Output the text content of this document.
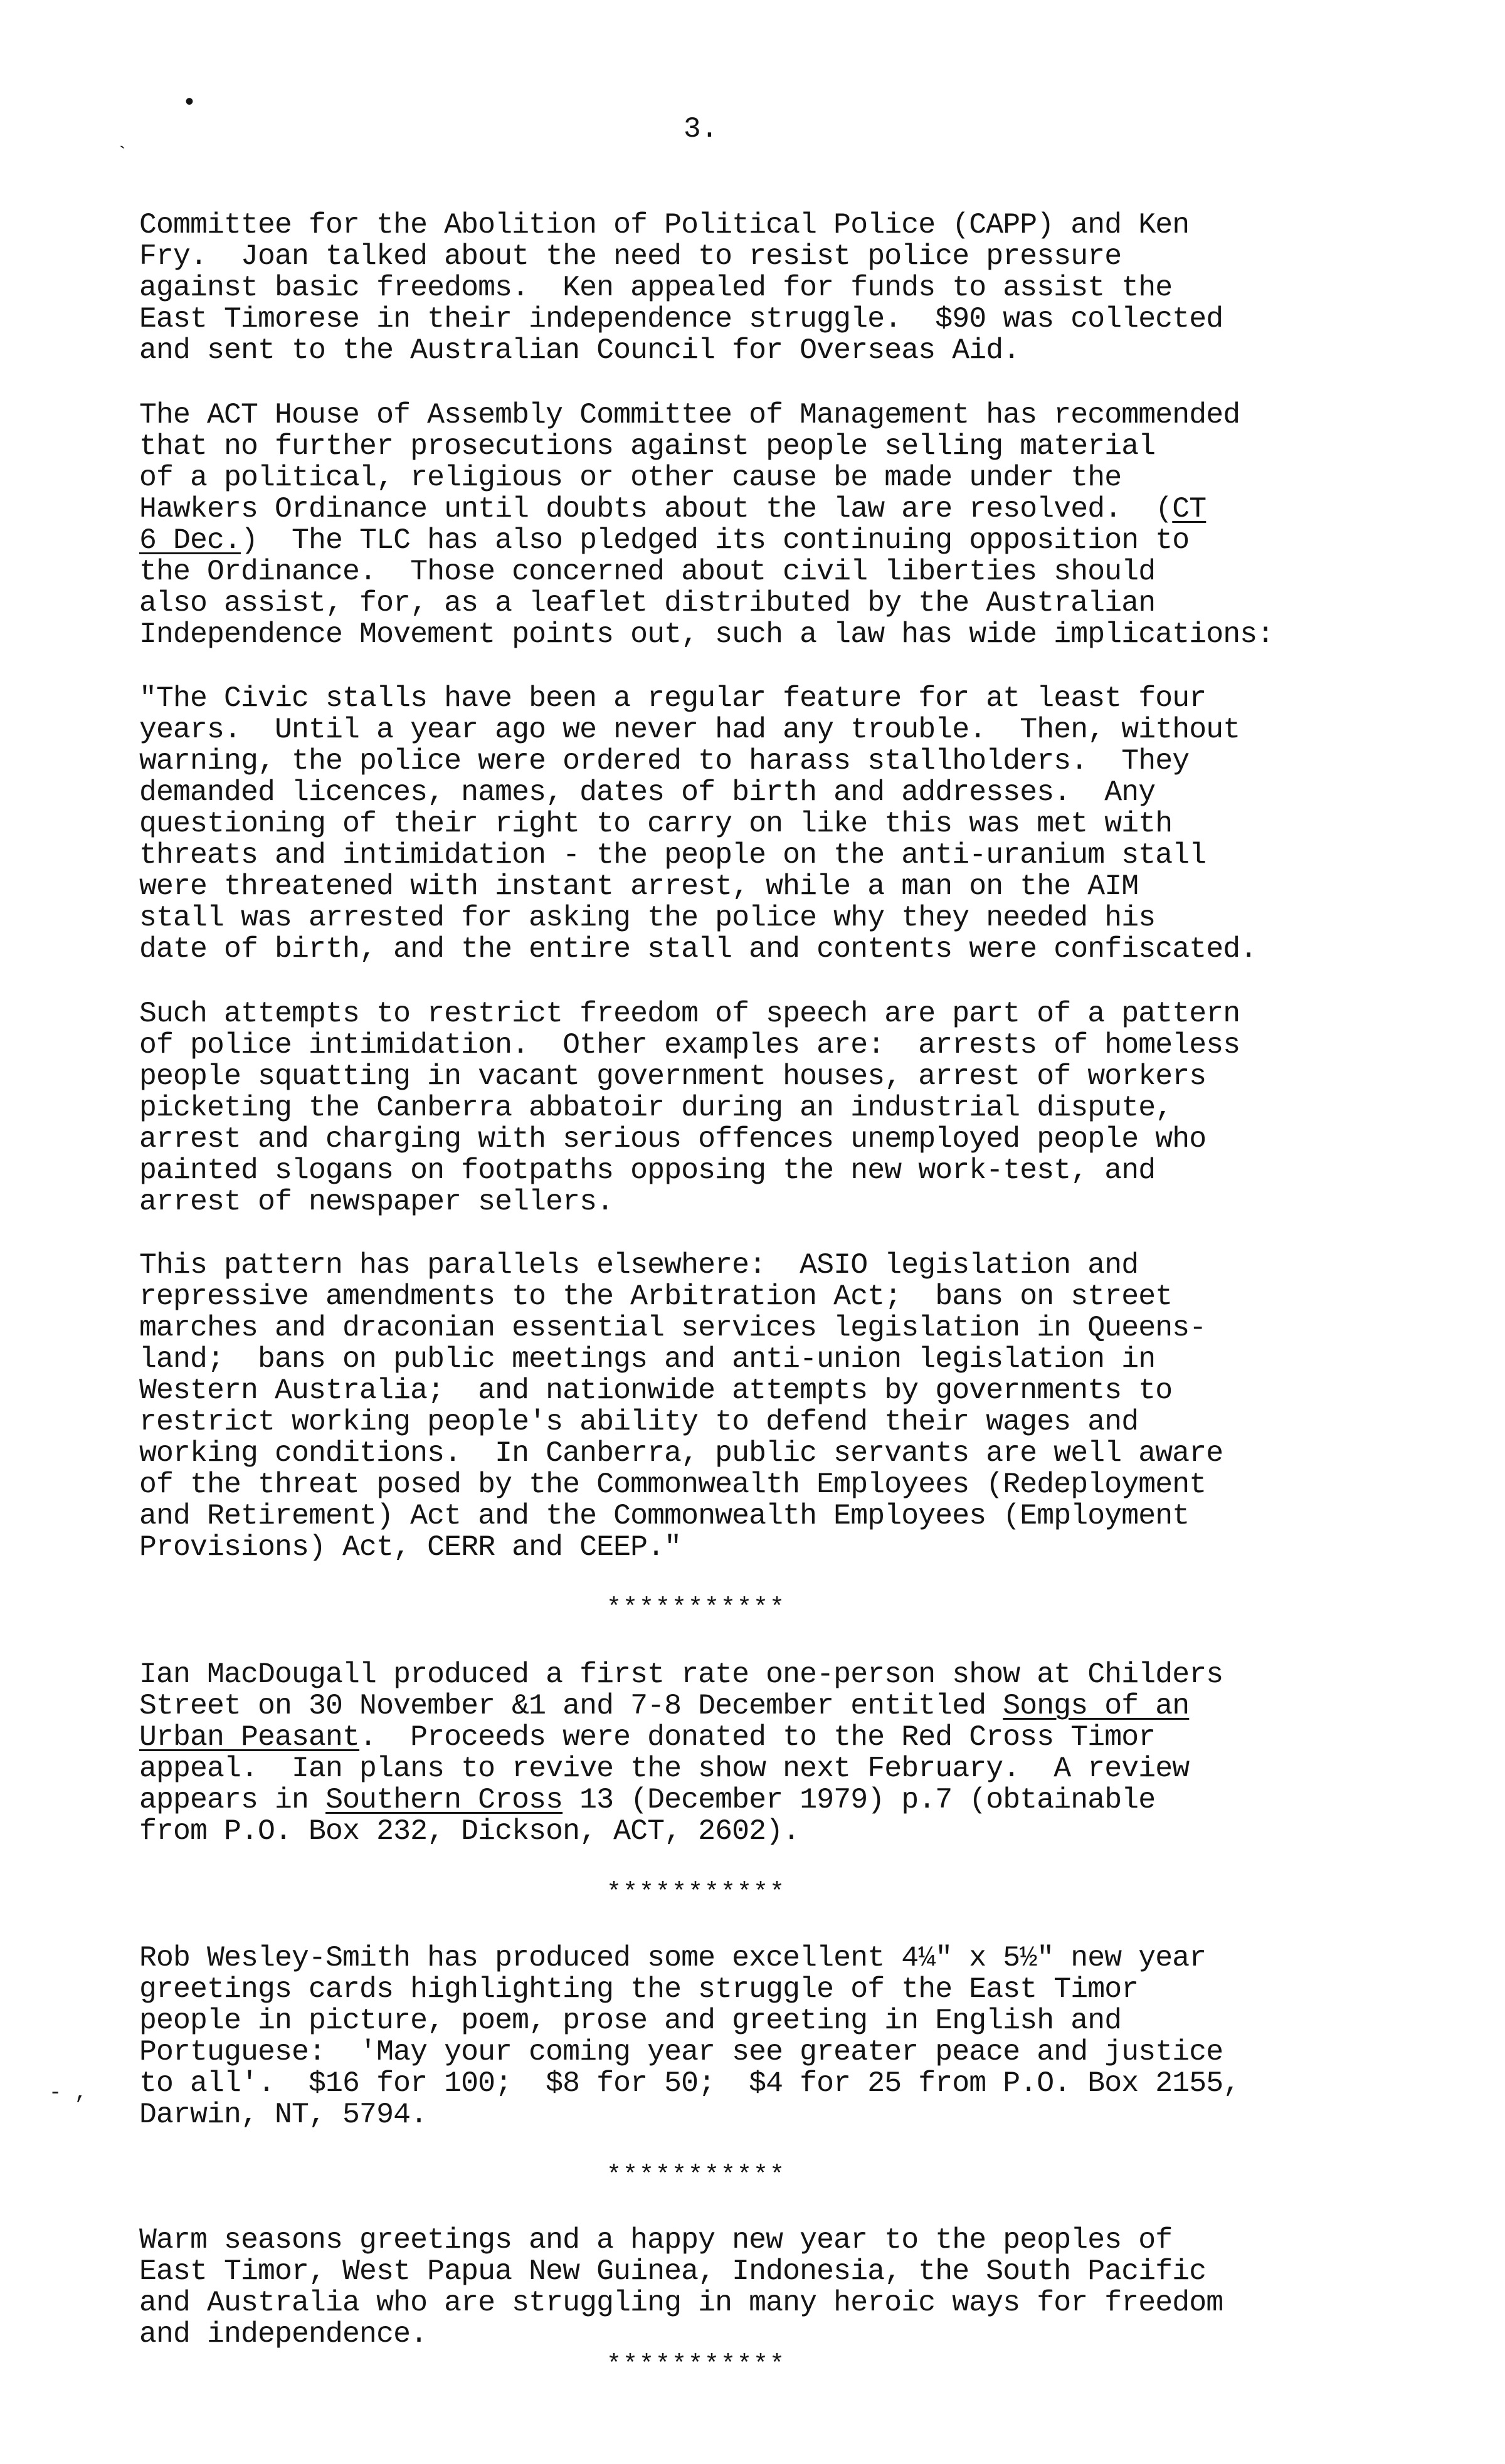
•
`
- ,
3.

Committee for the Abolition of Political Police (CAPP) and Ken
Fry.  Joan talked about the need to resist police pressure
against basic freedoms.  Ken appealed for funds to assist the
East Timorese in their independence struggle.  $90 was collected
and sent to the Australian Council for Overseas Aid.

The ACT House of Assembly Committee of Management has recommended
that no further prosecutions against people selling material
of a political, religious or other cause be made under the
Hawkers Ordinance until doubts about the law are resolved.  (CT
6 Dec.)  The TLC has also pledged its continuing opposition to
the Ordinance.  Those concerned about civil liberties should
also assist, for, as a leaflet distributed by the Australian
Independence Movement points out, such a law has wide implications:

"The Civic stalls have been a regular feature for at least four
years.  Until a year ago we never had any trouble.  Then, without
warning, the police were ordered to harass stallholders.  They
demanded licences, names, dates of birth and addresses.  Any
questioning of their right to carry on like this was met with
threats and intimidation - the people on the anti-uranium stall
were threatened with instant arrest, while a man on the AIM
stall was arrested for asking the police why they needed his
date of birth, and the entire stall and contents were confiscated.

Such attempts to restrict freedom of speech are part of a pattern
of police intimidation.  Other examples are:  arrests of homeless
people squatting in vacant government houses, arrest of workers
picketing the Canberra abbatoir during an industrial dispute,
arrest and charging with serious offences unemployed people who
painted slogans on footpaths opposing the new work-test, and
arrest of newspaper sellers.

This pattern has parallels elsewhere:  ASIO legislation and
repressive amendments to the Arbitration Act;  bans on street
marches and draconian essential services legislation in Queens-
land;  bans on public meetings and anti-union legislation in
Western Australia;  and nationwide attempts by governments to
restrict working people's ability to defend their wages and
working conditions.  In Canberra, public servants are well aware
of the threat posed by the Commonwealth Employees (Redeployment
and Retirement) Act and the Commonwealth Employees (Employment
Provisions) Act, CERR and CEEP."

***********

Ian MacDougall produced a first rate one-person show at Childers
Street on 30 November &1 and 7-8 December entitled Songs of an
Urban Peasant.  Proceeds were donated to the Red Cross Timor
appeal.  Ian plans to revive the show next February.  A review
appears in Southern Cross 13 (December 1979) p.7 (obtainable
from P.O. Box 232, Dickson, ACT, 2602).

***********

Rob Wesley-Smith has produced some excellent 4¼" x 5½" new year
greetings cards highlighting the struggle of the East Timor
people in picture, poem, prose and greeting in English and
Portuguese:  'May your coming year see greater peace and justice
to all'.  $16 for 100;  $8 for 50;  $4 for 25 from P.O. Box 2155,
Darwin, NT, 5794.

***********

Warm seasons greetings and a happy new year to the peoples of
East Timor, West Papua New Guinea, Indonesia, the South Pacific
and Australia who are struggling in many heroic ways for freedom
and independence.

***********
